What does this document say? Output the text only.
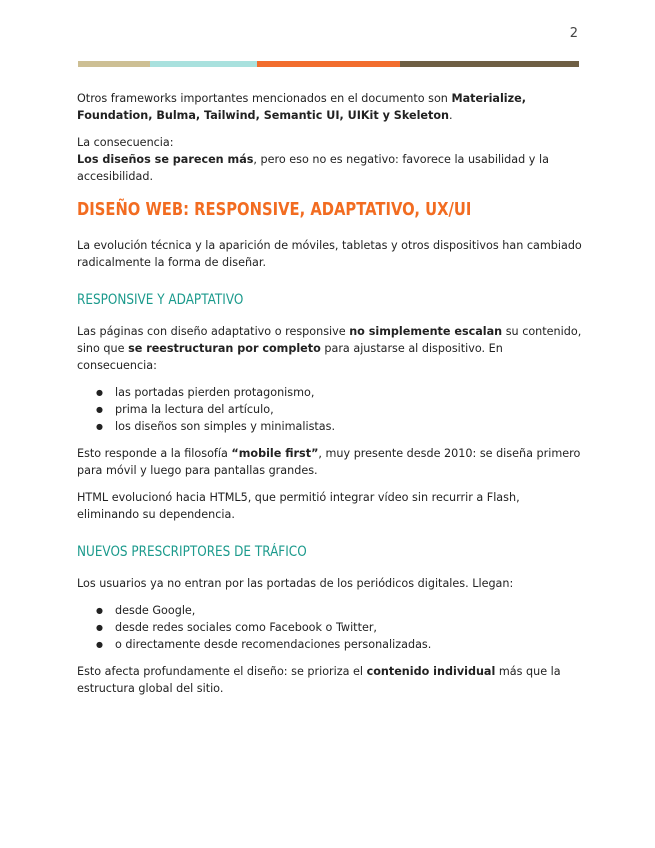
2

Otros frameworks importantes mencionados en el documento son Materialize, Foundation, Bulma, Tailwind, Semantic UI, UIKit y Skeleton.

La consecuencia:
Los diseños se parecen más, pero eso no es negativo: favorece la usabilidad y la accesibilidad.

DISEÑO WEB: RESPONSIVE, ADAPTATIVO, UX/UI

La evolución técnica y la aparición de móviles, tabletas y otros dispositivos han cambiado radicalmente la forma de diseñar.

RESPONSIVE Y ADAPTATIVO

Las páginas con diseño adaptativo o responsive no simplemente escalan su contenido, sino que se reestructuran por completo para ajustarse al dispositivo. En consecuencia:

● las portadas pierden protagonismo,
● prima la lectura del artículo,
● los diseños son simples y minimalistas.

Esto responde a la filosofía “mobile first”, muy presente desde 2010: se diseña primero para móvil y luego para pantallas grandes.

HTML evolucionó hacia HTML5, que permitió integrar vídeo sin recurrir a Flash, eliminando su dependencia.

NUEVOS PRESCRIPTORES DE TRÁFICO

Los usuarios ya no entran por las portadas de los periódicos digitales. Llegan:

● desde Google,
● desde redes sociales como Facebook o Twitter,
● o directamente desde recomendaciones personalizadas.

Esto afecta profundamente el diseño: se prioriza el contenido individual más que la estructura global del sitio.
